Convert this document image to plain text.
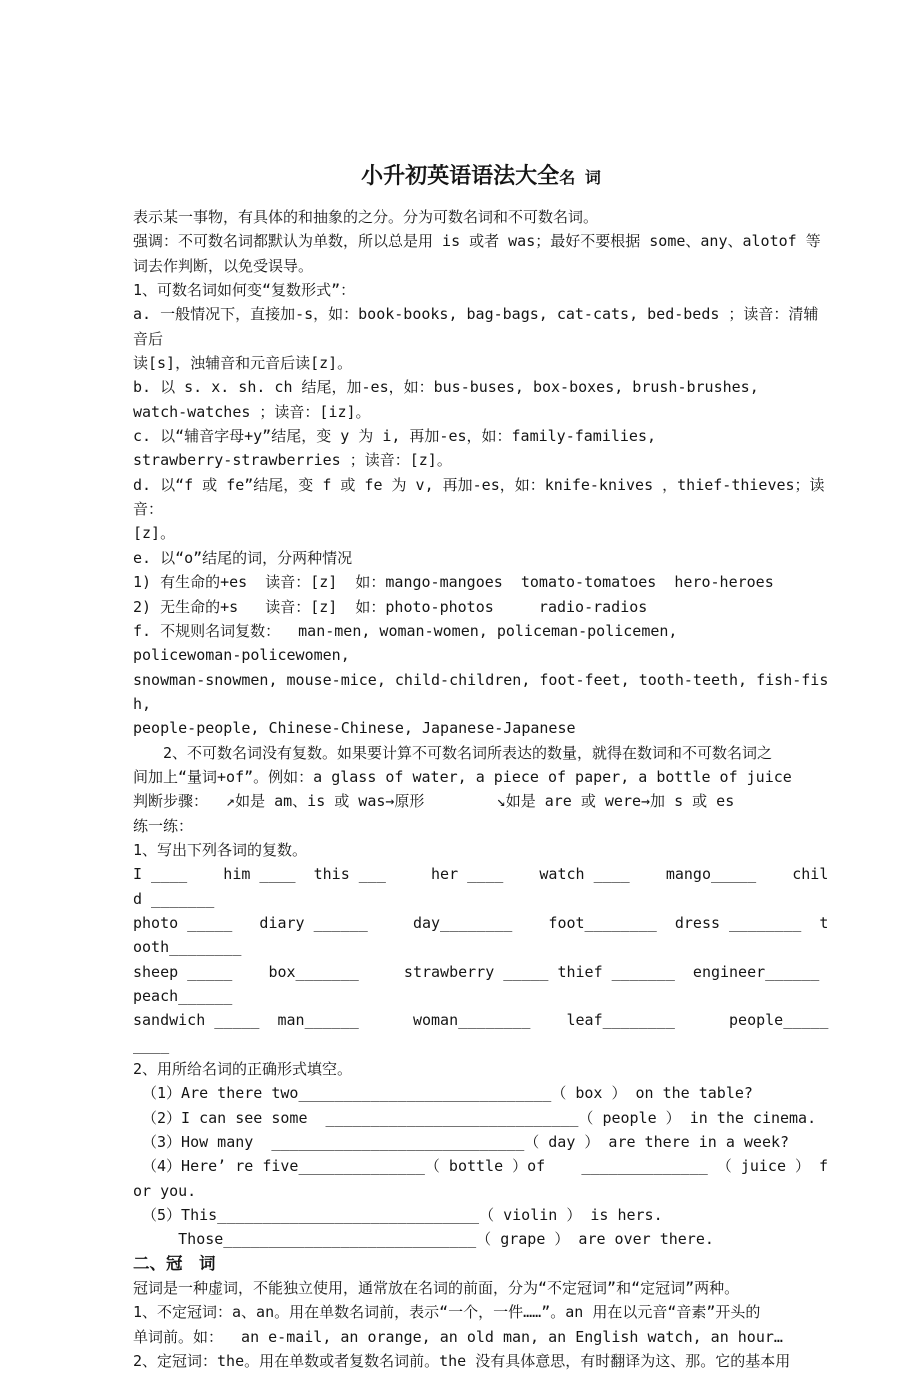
小升初英语语法大全名 词
表示某一事物，有具体的和抽象的之分。分为可数名词和不可数名词。
强调：不可数名词都默认为单数，所以总是用 is 或者 was；最好不要根据 some、any、alotof 等
词去作判断，以免受误导。
1、可数名词如何变“复数形式”：
a. 一般情况下，直接加-s，如：book-books, bag-bags, cat-cats, bed-beds ；读音：清辅音后
读[s]，浊辅音和元音后读[z]。
b. 以 s. x. sh. ch 结尾，加-es，如：bus-buses, box-boxes, brush-brushes,
watch-watches ；读音：[iz]。
c. 以“辅音字母+y”结尾，变 y 为 i, 再加-es，如：family-families,
strawberry-strawberries ；读音：[z]。
d. 以“f 或 fe”结尾，变 f 或 fe 为 v, 再加-es，如：knife-knives ，thief-thieves；读音：
[z]。
e. 以“o”结尾的词，分两种情况
1) 有生命的+es  读音：[z]  如：mango-mangoes  tomato-tomatoes  hero-heroes
2) 无生命的+s   读音：[z]  如：photo-photos     radio-radios
f. 不规则名词复数：  man-men, woman-women, policeman-policemen,
policewoman-policewomen,
snowman-snowmen, mouse-mice, child-children, foot-feet, tooth-teeth, fish-fish,
people-people, Chinese-Chinese, Japanese-Japanese
　　2、不可数名词没有复数。如果要计算不可数名词所表达的数量，就得在数词和不可数名词之
间加上“量词+of”。例如：a glass of water, a piece of paper, a bottle of juice
判断步骤：  ↗如是 am、is 或 was→原形        ↘如是 are 或 were→加 s 或 es
练一练：
1、写出下列各词的复数。
I ____    him ____  this ___     her ____    watch ____    mango_____    child _______
photo _____   diary ______     day________    foot________  dress ________  tooth________
sheep _____    box_______     strawberry _____ thief _______  engineer______  peach______
sandwich _____  man______      woman________    leaf________      people_________
2、用所给名词的正确形式填空。
（1）Are there two____________________________（ box ） on the table?
（2）I can see some  ____________________________（ people ） in the cinema.
（3）How many  ____________________________（ day ） are there in a week?
（4）Here’ re five______________（ bottle ）of    ______________ （ juice ） for you.
（5）This_____________________________（ violin ） is hers.
Those____________________________（ grape ） are over there.
二、冠　词
冠词是一种虚词，不能独立使用，通常放在名词的前面，分为“不定冠词”和“定冠词”两种。
1、不定冠词：a、an。用在单数名词前，表示“一个，一件……”。an 用在以元音“音素”开头的
单词前。如：  an e-mail, an orange, an old man, an English watch, an hour…
2、定冠词：the。用在单数或者复数名词前。the 没有具体意思，有时翻译为这、那。它的基本用
